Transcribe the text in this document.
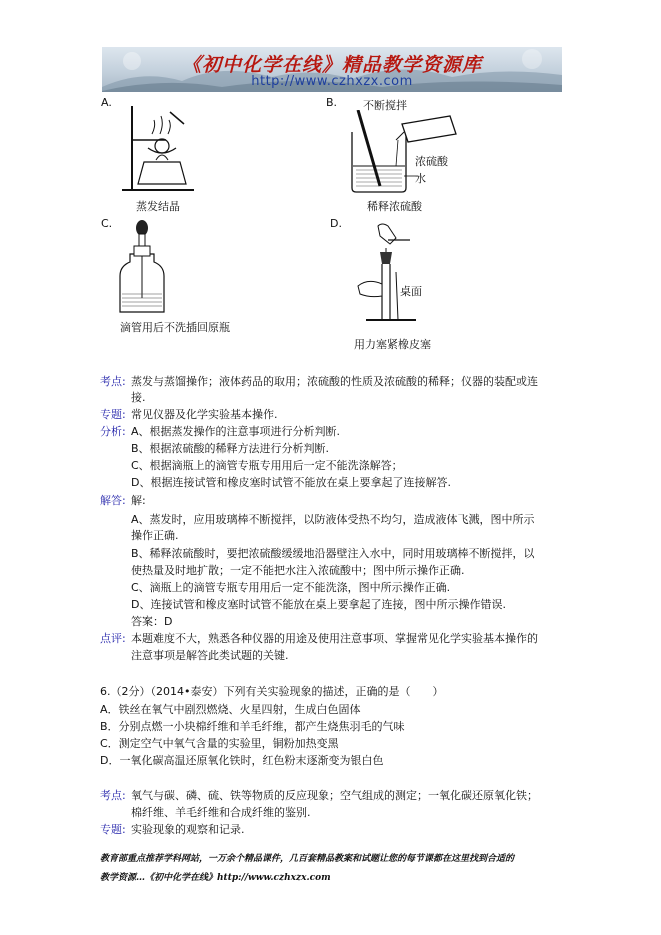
《初中化学在线》精品教学资源库
http://www.czhxzx.com
A.
蒸发结晶
B. 不断搅拌
浓硫酸
水
稀释浓硫酸
C.
滴管用后不洗插回原瓶
D.
桌面
用力塞紧橡皮塞
考点: 蒸发与蒸馏操作；液体药品的取用；浓硫酸的性质及浓硫酸的稀释；仪器的装配或连
接.
专题: 常见仪器及化学实验基本操作.
分析: A、根据蒸发操作的注意事项进行分析判断.
B、根据浓硫酸的稀释方法进行分析判断.
C、根据滴瓶上的滴管专瓶专用用后一定不能洗涤解答；
D、根据连接试管和橡皮塞时试管不能放在桌上要拿起了连接解答.
解答: 解:
A、蒸发时，应用玻璃棒不断搅拌，以防液体受热不均匀，造成液体飞溅，图中所示
操作正确.
B、稀释浓硫酸时，要把浓硫酸缓缓地沿器壁注入水中，同时用玻璃棒不断搅拌，以
使热量及时地扩散；一定不能把水注入浓硫酸中；图中所示操作正确.
C、滴瓶上的滴管专瓶专用用后一定不能洗涤，图中所示操作正确.
D、连接试管和橡皮塞时试管不能放在桌上要拿起了连接，图中所示操作错误.
答案：D
点评: 本题难度不大，熟悉各种仪器的用途及使用注意事项、掌握常见化学实验基本操作的
注意事项是解答此类试题的关键.
6.（2分）（2014•泰安）下列有关实验现象的描述，正确的是（　　）
A．铁丝在氧气中剧烈燃烧、火星四射，生成白色固体
B．分别点燃一小块棉纤维和羊毛纤维，都产生烧焦羽毛的气味
C．测定空气中氧气含量的实验里，铜粉加热变黑
D．一氧化碳高温还原氧化铁时，红色粉末逐渐变为银白色
考点: 氧气与碳、磷、硫、铁等物质的反应现象；空气组成的测定；一氧化碳还原氧化铁；
棉纤维、羊毛纤维和合成纤维的鉴别.
专题: 实验现象的观察和记录.
教育部重点推荐学科网站，一万余个精品课件，几百套精品教案和试题让您的每节课都在这里找到合适的
教学资源…《初中化学在线》http://www.czhxzx.com
